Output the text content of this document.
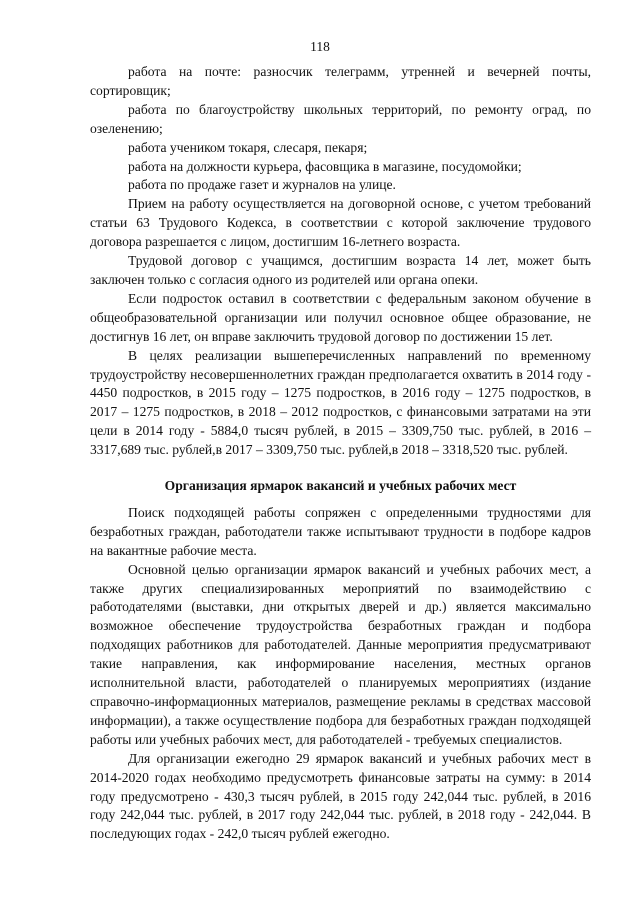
118

работа на почте: разносчик телеграмм, утренней и вечерней почты, сортировщик;

работа по благоустройству школьных территорий, по ремонту оград, по озеленению;

работа учеником токаря, слесаря, пекаря;

работа на должности курьера, фасовщика в магазине, посудомойки;

работа по продаже газет и журналов на улице.

Прием на работу осуществляется на договорной основе, с учетом требований статьи 63 Трудового Кодекса, в соответствии с которой заключение трудового договора разрешается с лицом, достигшим 16-летнего возраста.

Трудовой договор с учащимся, достигшим возраста 14 лет, может быть заключен только с согласия одного из родителей или органа опеки.

Если подросток оставил в соответствии с федеральным законом обучение в общеобразовательной организации или получил основное общее образование, не достигнув 16 лет, он вправе заключить трудовой договор по достижении 15 лет.

В целях реализации вышеперечисленных направлений по временному трудоустройству несовершеннолетних граждан предполагается охватить в 2014 году - 4450 подростков, в 2015 году – 1275 подростков, в 2016 году – 1275 подростков, в 2017 – 1275 подростков, в 2018 – 2012 подростков, с финансовыми затратами на эти цели в 2014 году - 5884,0 тысяч рублей, в 2015 – 3309,750 тыс. рублей, в 2016 – 3317,689 тыс. рублей,в 2017 – 3309,750 тыс. рублей,в 2018 – 3318,520 тыс. рублей.

Организация ярмарок вакансий и учебных рабочих мест

Поиск подходящей работы сопряжен с определенными трудностями для безработных граждан, работодатели также испытывают трудности в подборе кадров на вакантные рабочие места.

Основной целью организации ярмарок вакансий и учебных рабочих мест, а также других специализированных мероприятий по взаимодействию с работодателями (выставки, дни открытых дверей и др.) является максимально возможное обеспечение трудоустройства безработных граждан и подбора подходящих работников для работодателей. Данные мероприятия предусматривают такие направления, как информирование населения, местных органов исполнительной власти, работодателей о планируемых мероприятиях (издание справочно-информационных материалов, размещение рекламы в средствах массовой информации), а также осуществление подбора для безработных граждан подходящей работы или учебных рабочих мест, для работодателей - требуемых специалистов.

Для организации ежегодно 29 ярмарок вакансий и учебных рабочих мест в 2014-2020 годах необходимо предусмотреть финансовые затраты на сумму: в 2014 году предусмотрено - 430,3 тысяч рублей, в 2015 году 242,044 тыс. рублей, в 2016 году 242,044 тыс. рублей, в 2017 году 242,044 тыс. рублей, в 2018 году - 242,044. В последующих годах - 242,0 тысяч рублей ежегодно.
